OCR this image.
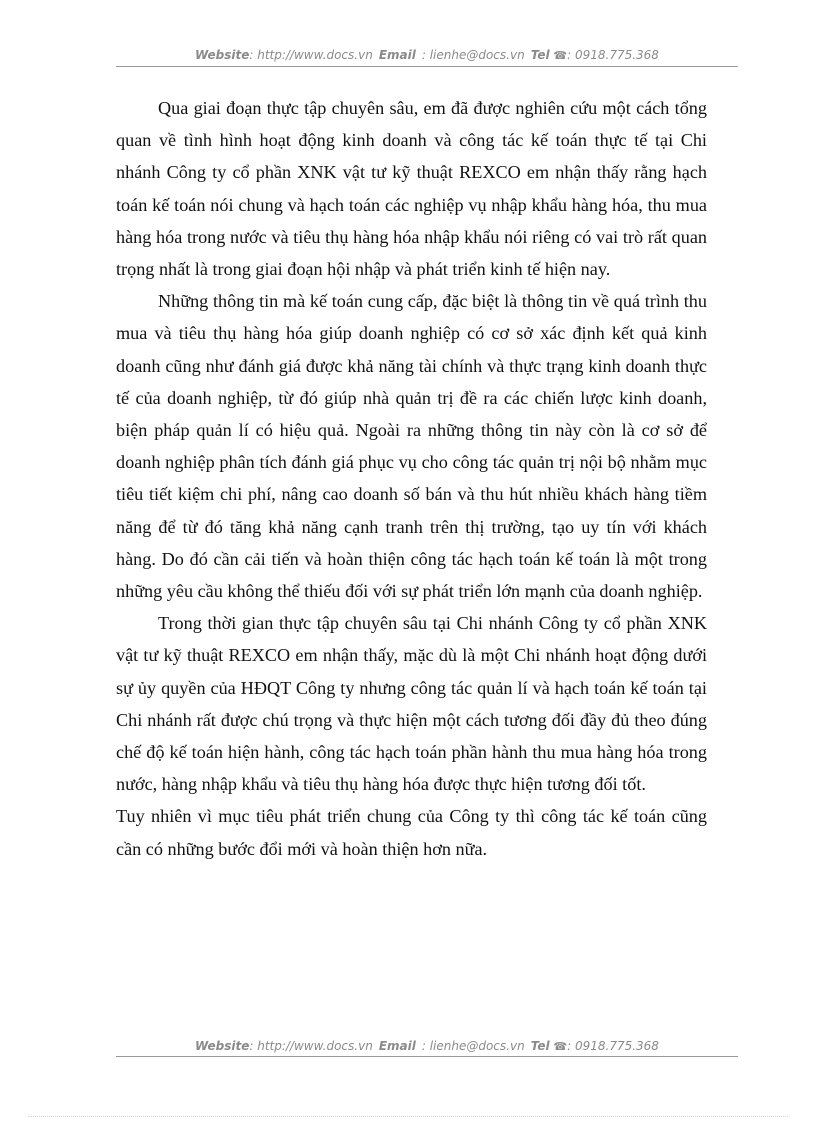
Website: http://www.docs.vn Email : lienhe@docs.vn Tel ☎: 0918.775.368

Qua giai đoạn thực tập chuyên sâu, em đã được nghiên cứu một cách tổng quan về tình hình hoạt động kinh doanh và công tác kế toán thực tế tại Chi nhánh Công ty cổ phần XNK vật tư kỹ thuật REXCO em nhận thấy rằng hạch toán kế toán nói chung và hạch toán các nghiệp vụ nhập khẩu hàng hóa, thu mua hàng hóa trong nước và tiêu thụ hàng hóa nhập khẩu nói riêng có vai trò rất quan trọng nhất là trong giai đoạn hội nhập và phát triển kinh tế hiện nay.

Những thông tin mà kế toán cung cấp, đặc biệt là thông tin về quá trình thu mua và tiêu thụ hàng hóa giúp doanh nghiệp có cơ sở xác định kết quả kinh doanh cũng như đánh giá được khả năng tài chính và thực trạng kinh doanh thực tế của doanh nghiệp, từ đó giúp nhà quản trị đề ra các chiến lược kinh doanh, biện pháp quản lí có hiệu quả. Ngoài ra những thông tin này còn là cơ sở để doanh nghiệp phân tích đánh giá phục vụ cho công tác quản trị nội bộ nhằm mục tiêu tiết kiệm chi phí, nâng cao doanh số bán và thu hút nhiều khách hàng tiềm năng để từ đó tăng khả năng cạnh tranh trên thị trường, tạo uy tín với khách hàng. Do đó cần cải tiến và hoàn thiện công tác hạch toán kế toán là một trong những yêu cầu không thể thiếu đối với sự phát triển lớn mạnh của doanh nghiệp.

Trong thời gian thực tập chuyên sâu tại Chi nhánh Công ty cổ phần XNK vật tư kỹ thuật REXCO em nhận thấy, mặc dù là một Chi nhánh hoạt động dưới sự ủy quyền của HĐQT Công ty nhưng công tác quản lí và hạch toán kế toán tại Chi nhánh rất được chú trọng và thực hiện một cách tương đối đầy đủ theo đúng chế độ kế toán hiện hành, công tác hạch toán phần hành thu mua hàng hóa trong nước, hàng nhập khẩu và tiêu thụ hàng hóa được thực hiện tương đối tốt.

Tuy nhiên vì mục tiêu phát triển chung của Công ty thì công tác kế toán cũng cần có những bước đổi mới và hoàn thiện hơn nữa.

Website: http://www.docs.vn Email : lienhe@docs.vn Tel ☎: 0918.775.368
